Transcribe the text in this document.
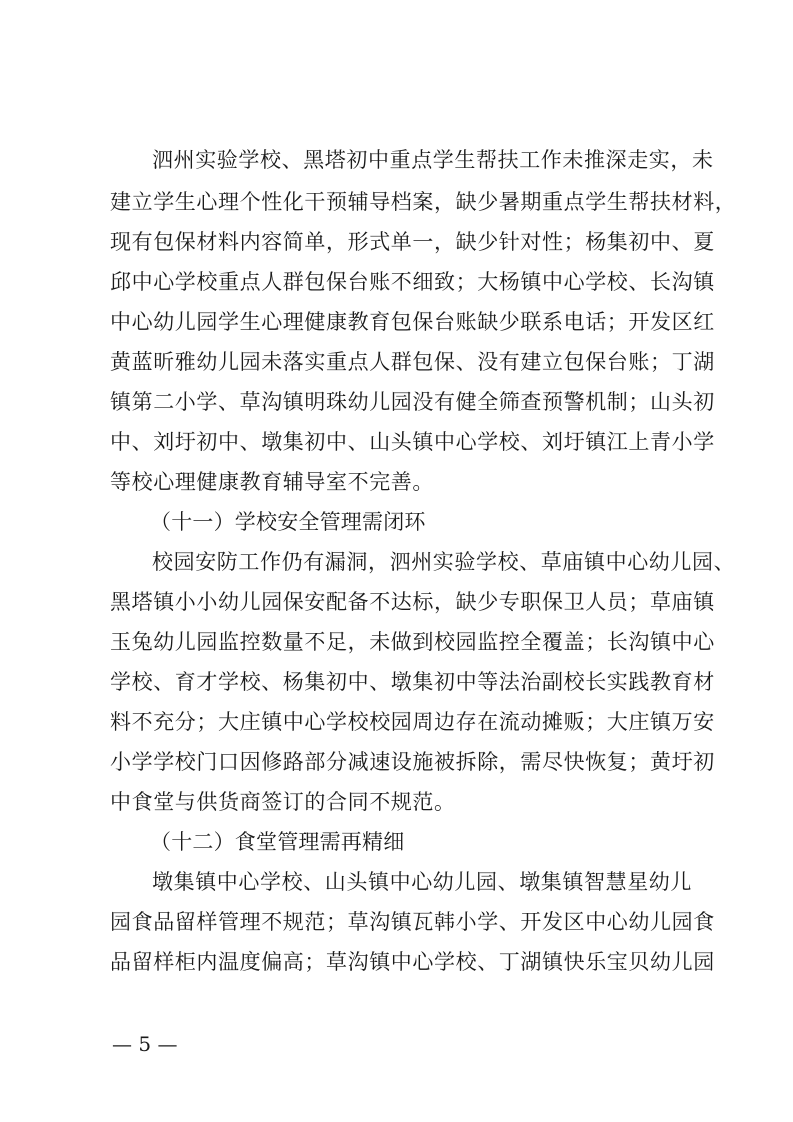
泗州实验学校、黑塔初中重点学生帮扶工作未推深走实，未
建立学生心理个性化干预辅导档案，缺少暑期重点学生帮扶材料，
现有包保材料内容简单，形式单一，缺少针对性；杨集初中、夏
邱中心学校重点人群包保台账不细致；大杨镇中心学校、长沟镇
中心幼儿园学生心理健康教育包保台账缺少联系电话；开发区红
黄蓝昕雅幼儿园未落实重点人群包保、没有建立包保台账；丁湖
镇第二小学、草沟镇明珠幼儿园没有健全筛查预警机制；山头初
中、刘圩初中、墩集初中、山头镇中心学校、刘圩镇江上青小学
等校心理健康教育辅导室不完善。
（十一）学校安全管理需闭环
校园安防工作仍有漏洞，泗州实验学校、草庙镇中心幼儿园、
黑塔镇小小幼儿园保安配备不达标，缺少专职保卫人员；草庙镇
玉兔幼儿园监控数量不足，未做到校园监控全覆盖；长沟镇中心
学校、育才学校、杨集初中、墩集初中等法治副校长实践教育材
料不充分；大庄镇中心学校校园周边存在流动摊贩；大庄镇万安
小学学校门口因修路部分减速设施被拆除，需尽快恢复；黄圩初
中食堂与供货商签订的合同不规范。
（十二）食堂管理需再精细
墩集镇中心学校、山头镇中心幼儿园、墩集镇智慧星幼儿
园食品留样管理不规范；草沟镇瓦韩小学、开发区中心幼儿园食
品留样柜内温度偏高；草沟镇中心学校、丁湖镇快乐宝贝幼儿园
— 5 —
